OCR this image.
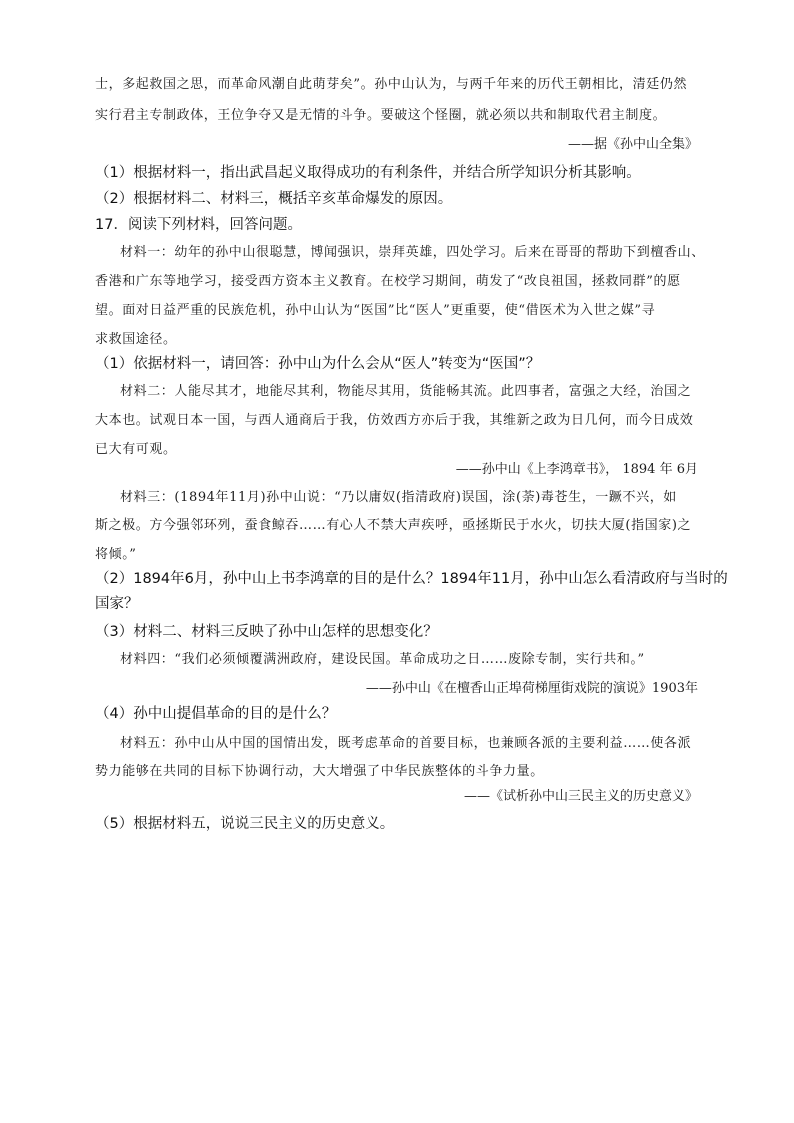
士，多起救国之思，而革命风潮自此萌芽矣”。孙中山认为，与两千年来的历代王朝相比，清廷仍然
实行君主专制政体，王位争夺又是无情的斗争。要破这个怪圈，就必须以共和制取代君主制度。
——据《孙中山全集》
（1）根据材料一，指出武昌起义取得成功的有利条件，并结合所学知识分析其影响。
（2）根据材料二、材料三，概括辛亥革命爆发的原因。
17．阅读下列材料，回答问题。
材料一：幼年的孙中山很聪慧，博闻强识，崇拜英雄，四处学习。后来在哥哥的帮助下到檀香山、
香港和广东等地学习，接受西方资本主义教育。在校学习期间，萌发了“改良祖国，拯救同群”的愿
望。面对日益严重的民族危机，孙中山认为“医国”比“医人”更重要，使“借医术为入世之媒”寻
求救国途径。
（1）依据材料一，请回答：孙中山为什么会从“医人”转变为“医国”？
材料二：人能尽其才，地能尽其利，物能尽其用，货能畅其流。此四事者，富强之大经，治国之
大本也。试观日本一国，与西人通商后于我，仿效西方亦后于我，其维新之政为日几何，而今日成效
已大有可观。
——孙中山《上李鸿章书》， 1894 年 6月
材料三：(1894年11月)孙中山说：“乃以庸奴(指清政府)误国，涂(荼)毒苍生，一蹶不兴，如
斯之极。方今强邻环列，蚕食鲸吞……有心人不禁大声疾呼，亟拯斯民于水火，切扶大厦(指国家)之
将倾。”
（2）1894年6月，孙中山上书李鸿章的目的是什么？1894年11月，孙中山怎么看清政府与当时的
国家？
（3）材料二、材料三反映了孙中山怎样的思想变化？
材料四：“我们必须倾覆满洲政府，建设民国。革命成功之日……废除专制，实行共和。”
——孙中山《在檀香山正埠荷梯厘街戏院的演说》1903年
（4）孙中山提倡革命的目的是什么？
材料五：孙中山从中国的国情出发，既考虑革命的首要目标，也兼顾各派的主要利益……使各派
势力能够在共同的目标下协调行动，大大增强了中华民族整体的斗争力量。
——《试析孙中山三民主义的历史意义》
（5）根据材料五，说说三民主义的历史意义。
